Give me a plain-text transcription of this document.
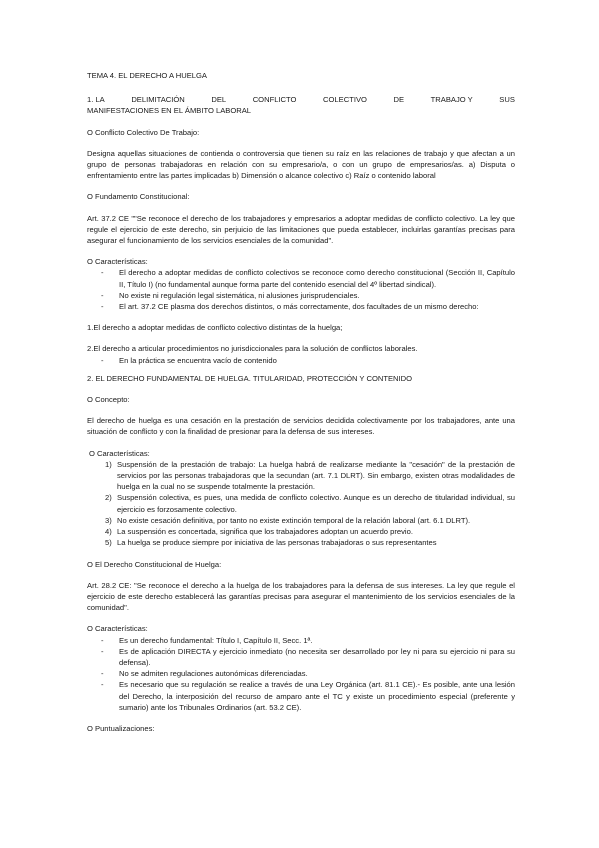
TEMA 4. EL DERECHO A HUELGA

1. LA	DELIMITACIÓN	DEL	CONFLICTO	COLECTIVO	DE	TRABAJO Y	SUS

MANIFESTACIONES EN EL ÁMBITO LABORAL

O Conflicto Colectivo De Trabajo:

Designa aquellas situaciones de contienda o controversia que tienen su raíz en las relaciones de trabajo y que afectan a un grupo de personas trabajadoras en relación con su empresario/a, o con un grupo de empresarios/as. a) Disputa o enfrentamiento entre las partes implicadas b) Dimensión o alcance colectivo c) Raíz o contenido laboral

O Fundamento Constitucional:

Art. 37.2 CE ""Se reconoce el derecho de los trabajadores y empresarios a adoptar medidas de conflicto colectivo. La ley que regule el ejercicio de este derecho, sin perjuicio de las limitaciones que pueda establecer, incluirlas garantías precisas para asegurar el funcionamiento de los servicios esenciales de la comunidad".

O Características:

-	El derecho a adoptar medidas de conflicto colectivos se reconoce como derecho constitucional (Sección II, Capítulo II, Título I) (no fundamental aunque forma parte del contenido esencial del 4º libertad sindical).
-	No existe ni regulación legal sistemática, ni alusiones jurisprudenciales.
-	El art. 37.2 CE plasma dos derechos distintos, o más correctamente, dos facultades de un mismo derecho:

1.El derecho a adoptar medidas de conflicto colectivo distintas de la huelga;

2.El derecho a articular procedimientos no jurisdiccionales para la solución de conflictos laborales.

-	En la práctica se encuentra vacío de contenido

2. EL DERECHO FUNDAMENTAL DE HUELGA. TITULARIDAD, PROTECCIÓN Y CONTENIDO

O Concepto:

El derecho de huelga es una cesación en la prestación de servicios decidida colectivamente por los trabajadores, ante una situación de conflicto y con la finalidad de presionar para la defensa de sus intereses.

O Características:

1) Suspensión de la prestación de trabajo: La huelga habrá de realizarse mediante la "cesación" de la prestación de servicios por las personas trabajadoras que la secundan (art. 7.1 DLRT). Sin embargo, existen otras modalidades de huelga en la cual no se suspende totalmente la prestación.
2) Suspensión colectiva, es pues, una medida de conflicto colectivo. Aunque es un derecho de titularidad individual, su ejercicio es forzosamente colectivo.
3) No existe cesación definitiva, por tanto no existe extinción temporal de la relación laboral (art. 6.1 DLRT).
4) La suspensión es concertada, significa que los trabajadores adoptan un acuerdo previo.
5) La huelga se produce siempre por iniciativa de las personas trabajadoras o sus representantes

O El Derecho Constitucional de Huelga:

Art. 28.2 CE: "Se reconoce el derecho a la huelga de los trabajadores para la defensa de sus intereses. La ley que regule el ejercicio de este derecho establecerá las garantías precisas para asegurar el mantenimiento de los servicios esenciales de la comunidad".

O Características:

-	Es un derecho fundamental: Título I, Capítulo II, Secc. 1ª.
-	Es de aplicación DIRECTA y ejercicio inmediato (no necesita ser desarrollado por ley ni para su ejercicio ni para su defensa).
-	No se admiten regulaciones autonómicas diferenciadas.
-	Es necesario que su regulación se realice a través de una Ley Orgánica (art. 81.1 CE).- Es posible, ante una lesión del Derecho, la interposición del recurso de amparo ante el TC y existe un procedimiento especial (preferente y sumario) ante los Tribunales Ordinarios (art. 53.2 CE).

O Puntualizaciones:
